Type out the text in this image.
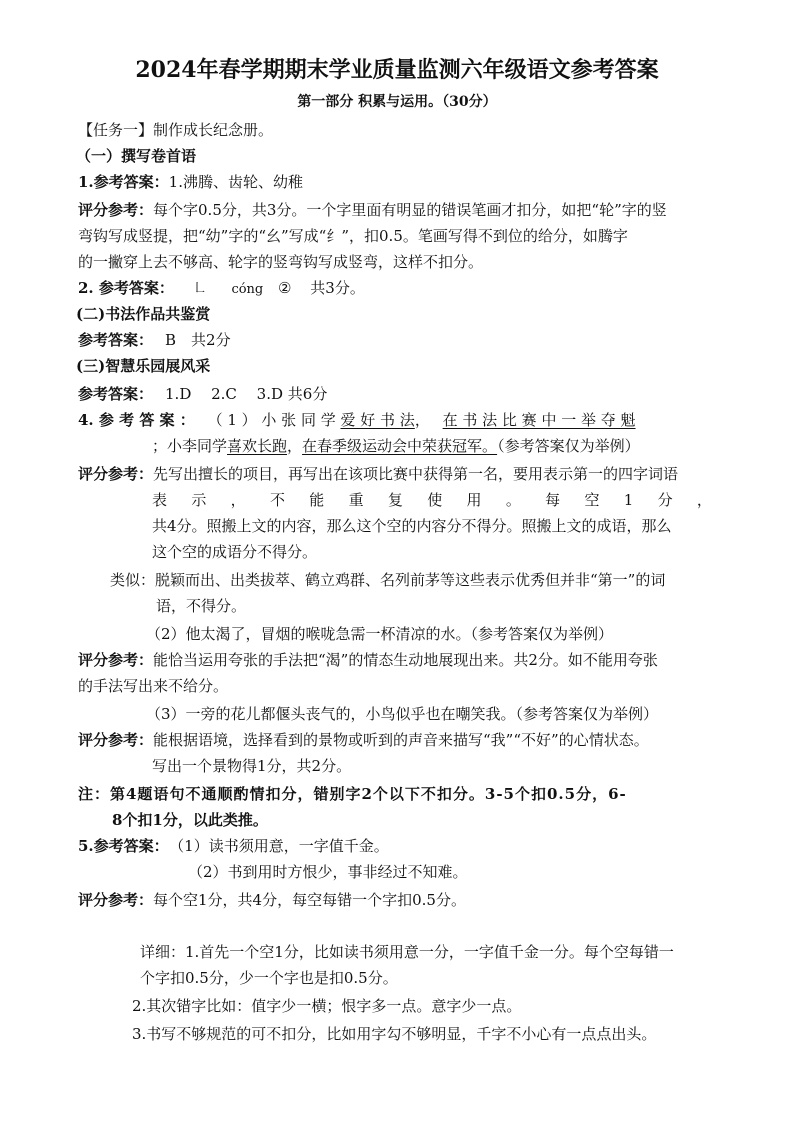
2024年春学期期末学业质量监测六年级语文参考答案
第一部分 积累与运用。（30分）
【任务一】制作成长纪念册。
（一）撰写卷首语
1.参考答案：1.沸腾、齿轮、幼稚
评分参考：每个字0.5分，共3分。一个字里面有明显的错误笔画才扣分，如把“轮”字的竖
弯钩写成竖提，把“幼”字的“幺”写成“纟”，扣0.5。笔画写得不到位的给分，如腾字
的一撇穿上去不够高、轮字的竖弯钩写成竖弯，这样不扣分。
2. 参考答案： ㇗ cóng ② 共3分。
(二)书法作品共鉴赏
参考答案： B　共2分
(三)智慧乐园展风采
参考答案： 1.D　 2.C　 3.D 共6分
4. 参 考 答 案 ： （ 1 ） 小 张 同 学 爱 好 书 法， 在 书 法 比 赛 中 一 举 夺 魁
；小李同学喜欢长跑，在春季级运动会中荣获冠军。（参考答案仅为举例）
评分参考：先写出擅长的项目，再写出在该项比赛中获得第一名，要用表示第一的四字词语
表 示 ， 不 能 重 复 使 用 。 每 空 1 分 ，
共4分。照搬上文的内容，那么这个空的内容分不得分。照搬上文的成语，那么
这个空的成语分不得分。
类似：脱颖而出、出类拔萃、鹤立鸡群、名列前茅等这些表示优秀但并非“第一”的词
语，不得分。
（2）他太渴了，冒烟的喉咙急需一杯清凉的水。（参考答案仅为举例）
评分参考：能恰当运用夸张的手法把“渴”的情态生动地展现出来。共2分。如不能用夸张
的手法写出来不给分。
（3）一旁的花儿都偃头丧气的，小鸟似乎也在嘲笑我。（参考答案仅为举例）
评分参考：能根据语境，选择看到的景物或听到的声音来描写“我”“不好”的心情状态。
写出一个景物得1分，共2分。
注：第4题语句不通顺酌情扣分，错别字2个以下不扣分。3-5个扣0.5分，6-
8个扣1分，以此类推。
5.参考答案： （1）读书须用意，一字值千金。
（2）书到用时方恨少，事非经过不知难。
评分参考：每个空1分，共4分，每空每错一个字扣0.5分。
详细：1.首先一个空1分，比如读书须用意一分，一字值千金一分。每个空每错一
个字扣0.5分，少一个字也是扣0.5分。
2.其次错字比如：值字少一横；恨字多一点。意字少一点。
3.书写不够规范的可不扣分，比如用字勾不够明显，千字不小心有一点点出头。
